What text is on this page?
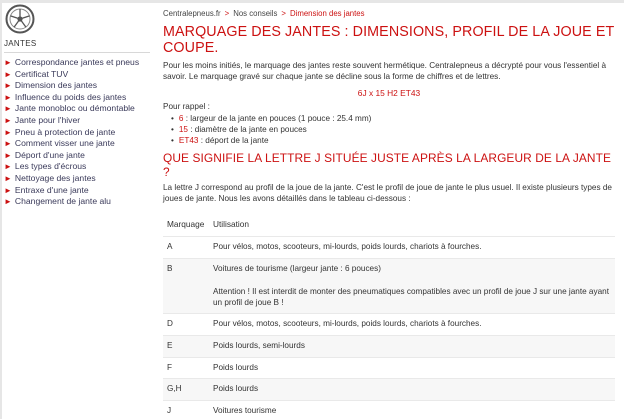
JANTES
► Correspondance jantes et pneus
► Certificat TUV
► Dimension des jantes
► Influence du poids des jantes
► Jante monobloc ou démontable
► Jante pour l'hiver
► Pneu à protection de jante
► Comment visser une jante
► Déport d'une jante
► Les types d'écrous
► Nettoyage des jantes
► Entraxe d'une jante
► Changement de jante alu
Centralepneus.fr > Nos conseils > Dimension des jantes
MARQUAGE DES JANTES : DIMENSIONS, PROFIL DE LA JOUE ET COUPE.

Pour les moins initiés, le marquage des jantes reste souvent hermétique. Centralepneus a décrypté pour vous l'essentiel à savoir. Le marquage gravé sur chaque jante se décline sous la forme de chiffres et de lettres.

6J x 15 H2 ET43

Pour rappel :

• 6 : largeur de la jante en pouces (1 pouce : 25.4 mm)
• 15 : diamètre de la jante en pouces
• ET43 : déport de la jante
QUE SIGNIFIE LA LETTRE J SITUÉE JUSTE APRÈS LA LARGEUR DE LA JANTE ?

La lettre J correspond au profil de la joue de la jante. C'est le profil de joue de jante le plus usuel. Il existe plusieurs types de joues de jante. Nous les avons détaillés dans le tableau ci-dessous :

Marquage	Utilisation
A	Pour vélos, motos, scooteurs, mi-lourds, poids lourds, chariots à fourches.
B	Voitures de tourisme (largeur jante : 6 pouces)
Attention ! Il est interdit de monter des pneumatiques compatibles avec un profil de joue J sur une jante ayant un profil de joue B !

D	Pour vélos, motos, scooteurs, mi-lourds, poids lourds, chariots à fourches.
E	Poids lourds, semi-lourds
F	Poids lourds
G,H	Poids lourds
J	Voitures tourisme
